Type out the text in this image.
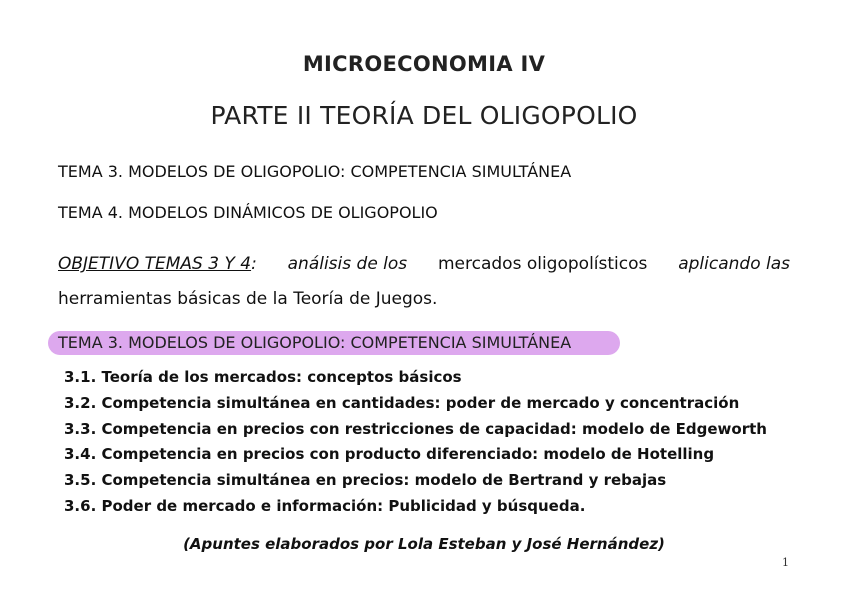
MICROECONOMIA IV
PARTE II TEORÍA DEL OLIGOPOLIO
TEMA 3. MODELOS DE OLIGOPOLIO: COMPETENCIA SIMULTÁNEA
TEMA 4. MODELOS DINÁMICOS DE OLIGOPOLIO
OBJETIVO TEMAS 3 Y 4: análisis de los mercados oligopolísticos aplicando las
herramientas básicas de la Teoría de Juegos.
TEMA 3. MODELOS DE OLIGOPOLIO: COMPETENCIA SIMULTÁNEA
3.1. Teoría de los mercados: conceptos básicos
3.2. Competencia simultánea en cantidades: poder de mercado y concentración
3.3. Competencia en precios con restricciones de capacidad: modelo de Edgeworth
3.4. Competencia en precios con producto diferenciado: modelo de Hotelling
3.5. Competencia simultánea en precios: modelo de Bertrand y rebajas
3.6. Poder de mercado e información: Publicidad y búsqueda.
(Apuntes elaborados por Lola Esteban y José Hernández)
1
